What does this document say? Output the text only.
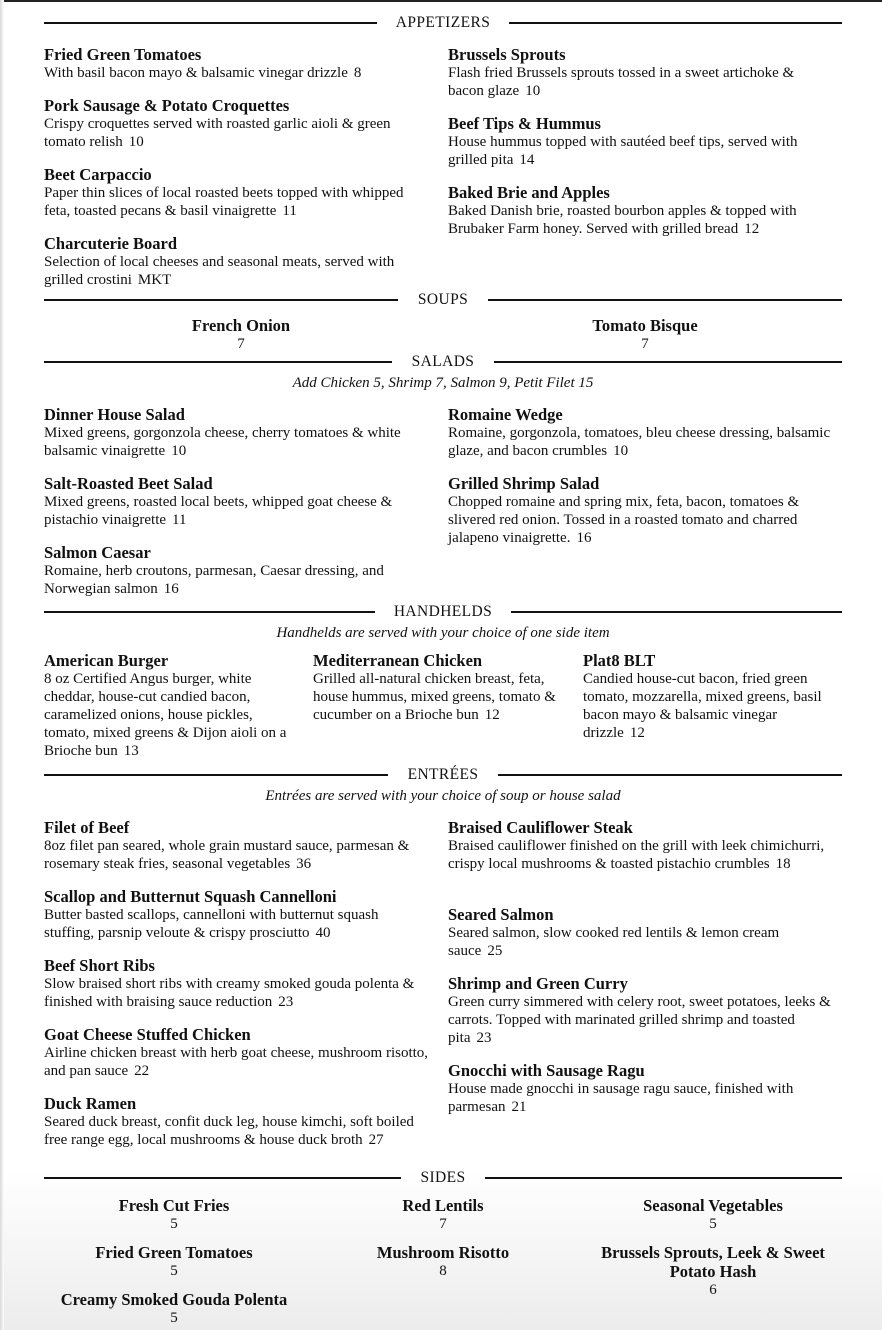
APPETIZERS
Fried Green Tomatoes
With basil bacon mayo & balsamic vinegar drizzle 8
Pork Sausage & Potato Croquettes
Crispy croquettes served with roasted garlic aioli & green tomato relish 10
Beet Carpaccio
Paper thin slices of local roasted beets topped with whipped feta, toasted pecans & basil vinaigrette 11
Charcuterie Board
Selection of local cheeses and seasonal meats, served with grilled crostini MKT
Brussels Sprouts
Flash fried Brussels sprouts tossed in a sweet artichoke & bacon glaze 10
Beef Tips & Hummus
House hummus topped with sautéed beef tips, served with grilled pita 14
Baked Brie and Apples
Baked Danish brie, roasted bourbon apples & topped with Brubaker Farm honey. Served with grilled bread 12
SOUPS
French Onion
7
Tomato Bisque
7
SALADS
Add Chicken 5, Shrimp 7, Salmon 9, Petit Filet 15
Dinner House Salad
Mixed greens, gorgonzola cheese, cherry tomatoes & white balsamic vinaigrette 10
Salt-Roasted Beet Salad
Mixed greens, roasted local beets, whipped goat cheese & pistachio vinaigrette 11
Salmon Caesar
Romaine, herb croutons, parmesan, Caesar dressing, and Norwegian salmon 16
Romaine Wedge
Romaine, gorgonzola, tomatoes, bleu cheese dressing, balsamic glaze, and bacon crumbles 10
Grilled Shrimp Salad
Chopped romaine and spring mix, feta, bacon, tomatoes & slivered red onion. Tossed in a roasted tomato and charred jalapeno vinaigrette. 16
HANDHELDS
Handhelds are served with your choice of one side item
American Burger
8 oz Certified Angus burger, white cheddar, house-cut candied bacon, caramelized onions, house pickles, tomato, mixed greens & Dijon aioli on a Brioche bun 13
Mediterranean Chicken
Grilled all-natural chicken breast, feta, house hummus, mixed greens, tomato & cucumber on a Brioche bun 12
Plat8 BLT
Candied house-cut bacon, fried green tomato, mozzarella, mixed greens, basil bacon mayo & balsamic vinegar drizzle 12
ENTRÉES
Entrées are served with your choice of soup or house salad
Filet of Beef
8oz filet pan seared, whole grain mustard sauce, parmesan & rosemary steak fries, seasonal vegetables 36
Scallop and Butternut Squash Cannelloni
Butter basted scallops, cannelloni with butternut squash stuffing, parsnip veloute & crispy prosciutto 40
Beef Short Ribs
Slow braised short ribs with creamy smoked gouda polenta & finished with braising sauce reduction 23
Goat Cheese Stuffed Chicken
Airline chicken breast with herb goat cheese, mushroom risotto, and pan sauce 22
Duck Ramen
Seared duck breast, confit duck leg, house kimchi, soft boiled free range egg, local mushrooms & house duck broth 27
Braised Cauliflower Steak
Braised cauliflower finished on the grill with leek chimichurri, crispy local mushrooms & toasted pistachio crumbles 18
Seared Salmon
Seared salmon, slow cooked red lentils & lemon cream sauce 25
Shrimp and Green Curry
Green curry simmered with celery root, sweet potatoes, leeks & carrots. Topped with marinated grilled shrimp and toasted pita 23
Gnocchi with Sausage Ragu
House made gnocchi in sausage ragu sauce, finished with parmesan 21
SIDES
Fresh Cut Fries
5
Red Lentils
7
Seasonal Vegetables
5
Fried Green Tomatoes
5
Mushroom Risotto
8
Brussels Sprouts, Leek & Sweet Potato Hash
6
Creamy Smoked Gouda Polenta
5
